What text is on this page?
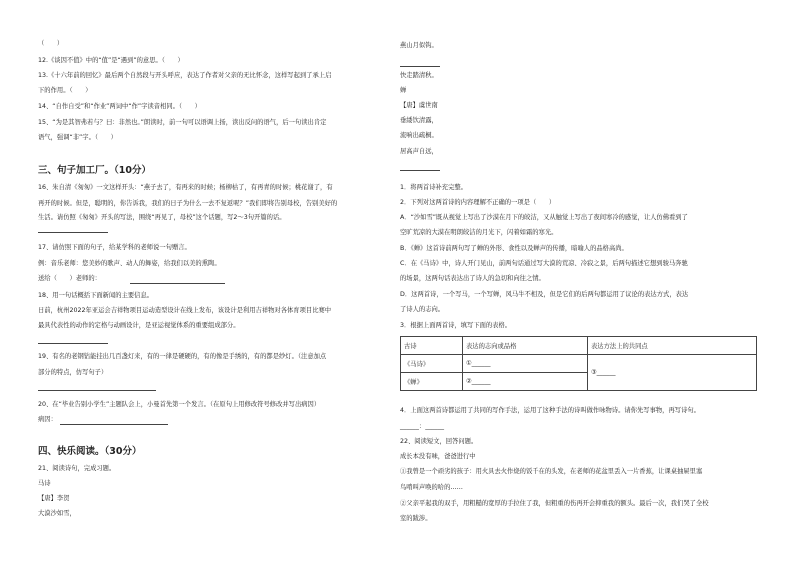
（　　）
12.《谈因不值》中的“值”是“遇到”的意思。（　　）
13.《十六年前的回忆》最后两个自然段与开头呼应，表达了作者对父亲的无比怀念，这样写起到了承上启
下的作用。（　　）
14、“自作自受”和“作业”两词中“作”字读音相同。（　　）
15、“为是其智弗若与？曰：非然也。”朗读时，前一句可以语调上扬，读出反问的语气，后一句读出肯定
语气，强调“非”字。（　　）
三、句子加工厂。（10分）
16、朱自清《匆匆》一文这样开头：“燕子去了，有再来的时候；杨柳枯了，有再青的时候；桃花谢了，有
再开的时候。但是，聪明的，你告诉我，我们的日子为什么一去不复返呢？”我们即将告别母校，告别美好的
生活。请仿照《匆匆》开头的写法，围绕“再见了，母校”这个话题，写2～3句开篇的话。
17、请仿照下面的句子，给某学科的老师说一句赠言。
例：音乐老师：您美妙的歌声、动人的舞姿，给我们以美的熏陶。
送给（　　）老师的：
18、用一句话概括下面新闻的主要信息。
日前，杭州2022年亚运会吉祥物项目运动造型设计在线上发布，该设计是利用吉祥物对各体育项目比赛中
最具代表性的动作的定格与动画设计，是亚运视觉体系的重要组成部分。
19、有名的老钢钻能挂出几百盏灯来，有的一律是硬硬的，有的像是手绣的，有的都是纱灯。（注意加点
部分的特点，仿写句子）
20、在“毕业告别小学生”主题队会上，小曼首先第一个发言。（在原句上用修改符号修改并写出病因）
病因：
四、快乐阅读。（30分）
21、阅读诗句，完成习题。
马诗
【唐】李贺
大漠沙如雪，
燕山月似钩。
快走踏清秋。
蝉
【唐】虞世南
垂緌饮清露，
流响出疏桐。
居高声自远，
1．将两首诗补充完整。
2．下列对这两首诗的内容理解不正确的一项是（　　）
A．“沙如雪”既从视觉上写出了沙漠在月下的皎洁，又从触觉上写出了夜间寒冷的感觉，让人仿佛看到了
空旷荒凉的大漠在明朗皎洁的月光下，闪着如霜的寒光。
B．《蝉》这首诗前两句写了蝉的外形、食性以及蝉声的传播，暗喻人的品格高尚。
C．在《马诗》中，诗人开门见山，前两句话通过写大漠的荒凉、冷寂之景，后两句描述它想到骏马奔驰
的场景，这两句话表达出了诗人的急切和向往之情。
D．这两首诗，一个写马，一个写蝉，风马牛不相及，但是它们的后两句都运用了议论的表达方式，表达
了诗人的志向。
3．根据上面两首诗，填写下面的表格。
古诗	表达的志向或品格	表达方法上的共同点
《马诗》	①______	③______
《蝉》	②______	
4．上面这两首诗都运用了共同的写作手法，运用了这种手法的诗叫做作咏物诗。请你先写事物，再写诗句。
______：______
22、阅读短文，回答问题。
成长本没有味，爸爸进行中
①我曾是一个顽劣的孩子：用火具去火作烧的饭千在的头发，在老师的花盆里丢入一片香蕉，让课桌抽屉里塞
鸟啃叫声唤的哈的……
②父亲平起我的双手，用粗糙的宽厚的手拉住了我，但粗重的伤再开会抑重我的额头。最后一次，我们哭了全校
室的跋涉。
